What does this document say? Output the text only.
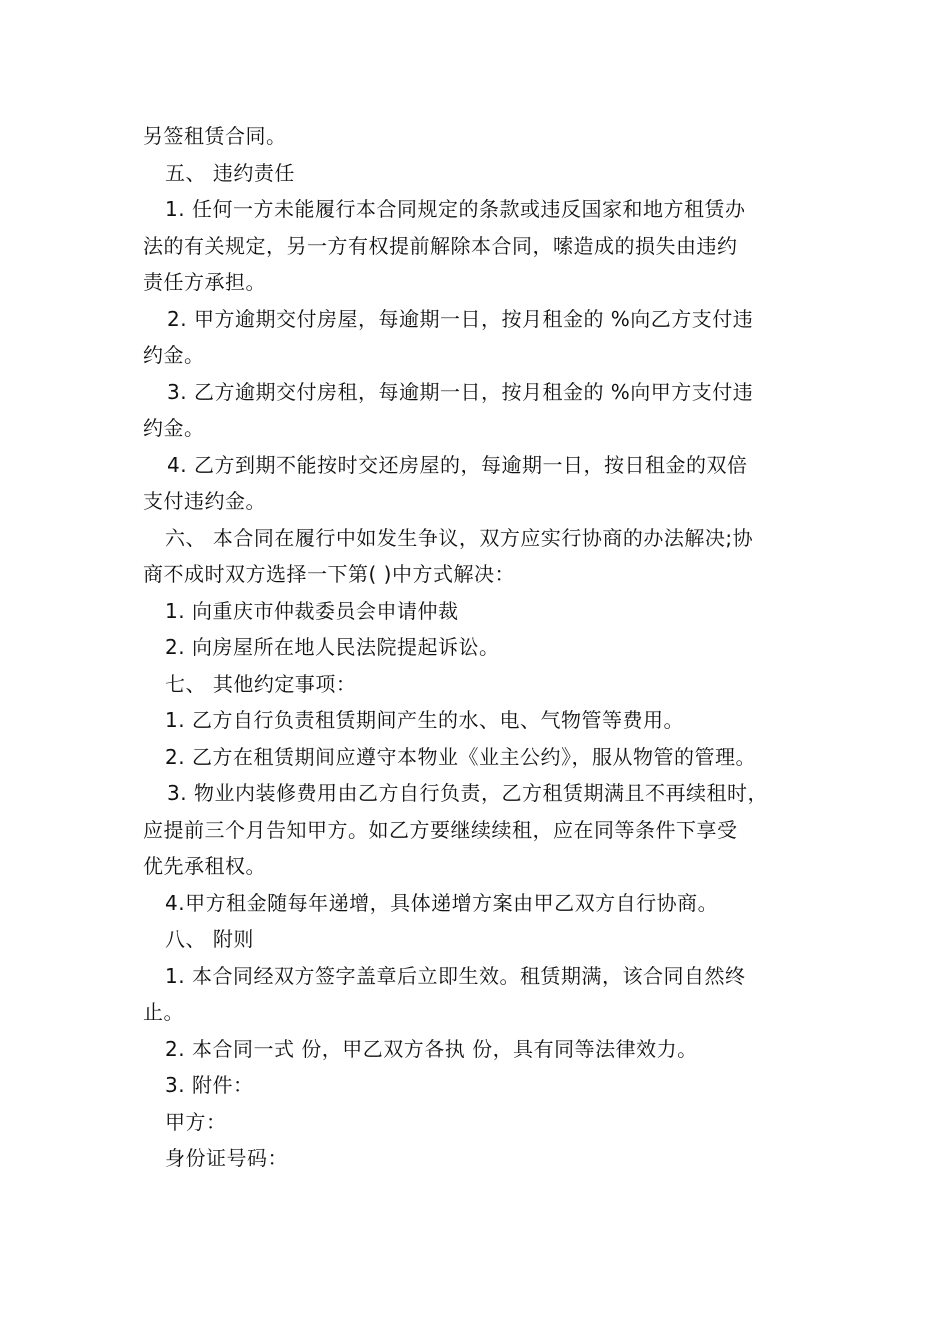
另签租赁合同。
五、 违约责任
1. 任何一方未能履行本合同规定的条款或违反国家和地方租赁办
法的有关规定，另一方有权提前解除本合同，嗦造成的损失由违约
责任方承担。
2. 甲方逾期交付房屋，每逾期一日，按月租金的 %向乙方支付违
约金。
3. 乙方逾期交付房租，每逾期一日，按月租金的 %向甲方支付违
约金。
4. 乙方到期不能按时交还房屋的，每逾期一日，按日租金的双倍
支付违约金。
六、 本合同在履行中如发生争议，双方应实行协商的办法解决;协
商不成时双方选择一下第( )中方式解决：
1. 向重庆市仲裁委员会申请仲裁
2. 向房屋所在地人民法院提起诉讼。
七、 其他约定事项：
1. 乙方自行负责租赁期间产生的水、电、气物管等费用。
2. 乙方在租赁期间应遵守本物业《业主公约》，服从物管的管理。
3. 物业内装修费用由乙方自行负责，乙方租赁期满且不再续租时，
应提前三个月告知甲方。如乙方要继续续租，应在同等条件下享受
优先承租权。
4.甲方租金随每年递增，具体递增方案由甲乙双方自行协商。
八、 附则
1. 本合同经双方签字盖章后立即生效。租赁期满，该合同自然终
止。
2. 本合同一式 份，甲乙双方各执 份，具有同等法律效力。
3. 附件：
甲方：
身份证号码：
